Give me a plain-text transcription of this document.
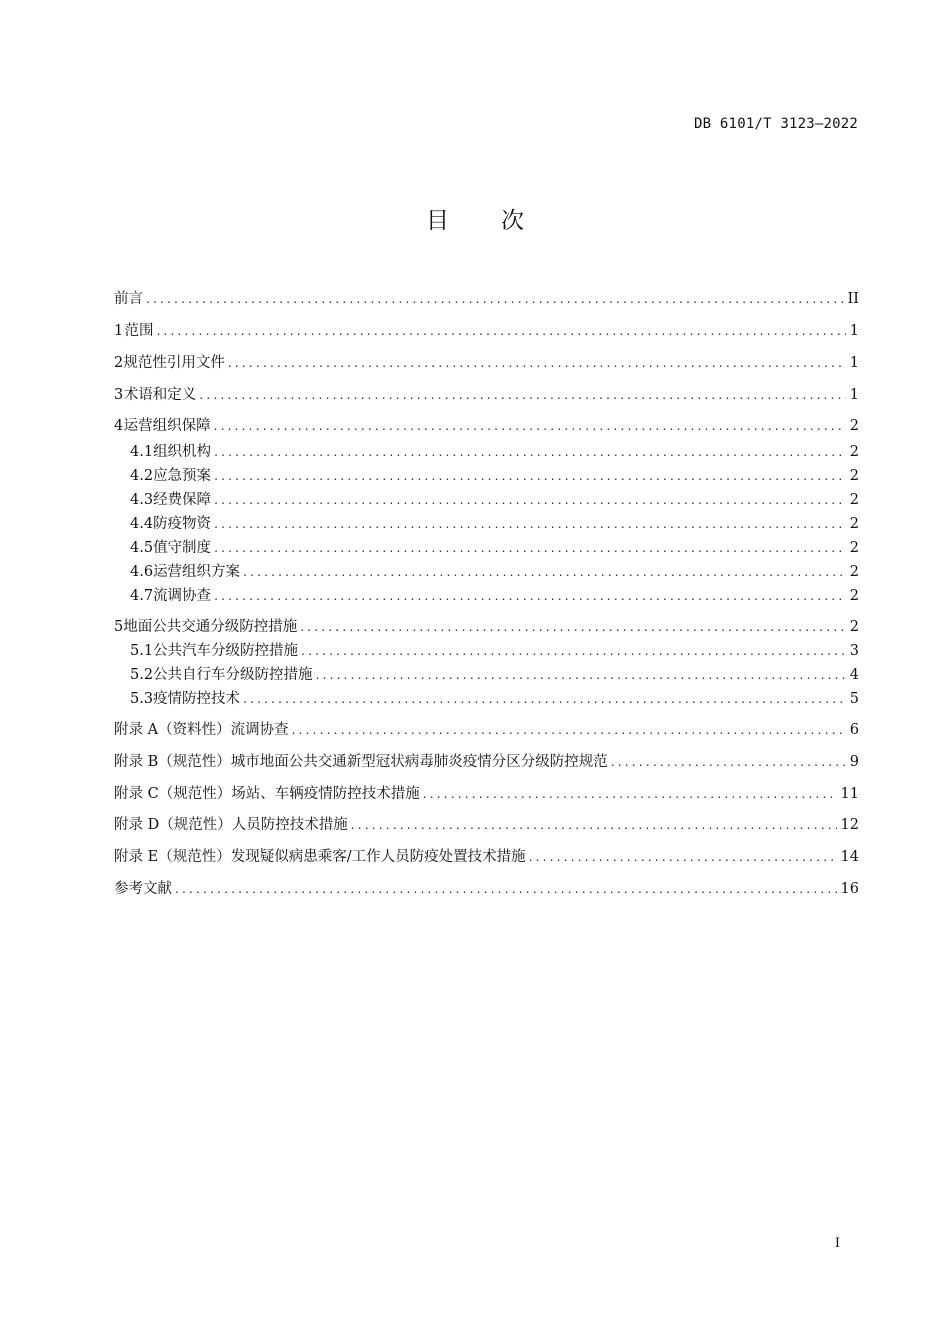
DB 6101/T 3123—2022
目 次
前言 .....	II
1 范围 .....	1
2 规范性引用文件 .....	1
3 术语和定义 .....	1
4 运营组织保障 .....	2
4.1 组织机构 .....	2
4.2 应急预案 .....	2
4.3 经费保障 .....	2
4.4 防疫物资 .....	2
4.5 值守制度 .....	2
4.6 运营组织方案 .....	2
4.7 流调协查 .....	2
5 地面公共交通分级防控措施 .....	2
5.1 公共汽车分级防控措施 .....	3
5.2 公共自行车分级防控措施 .....	4
5.3 疫情防控技术 .....	5
附录 A（资料性） 流调协查 .....	6
附录 B（规范性） 城市地面公共交通新型冠状病毒肺炎疫情分区分级防控规范 .....	9
附录 C（规范性） 场站、车辆疫情防控技术措施 .....	11
附录 D（规范性） 人员防控技术措施 .....	12
附录 E（规范性） 发现疑似病患乘客/工作人员防疫处置技术措施 .....	14
参考文献 .....	16
I
